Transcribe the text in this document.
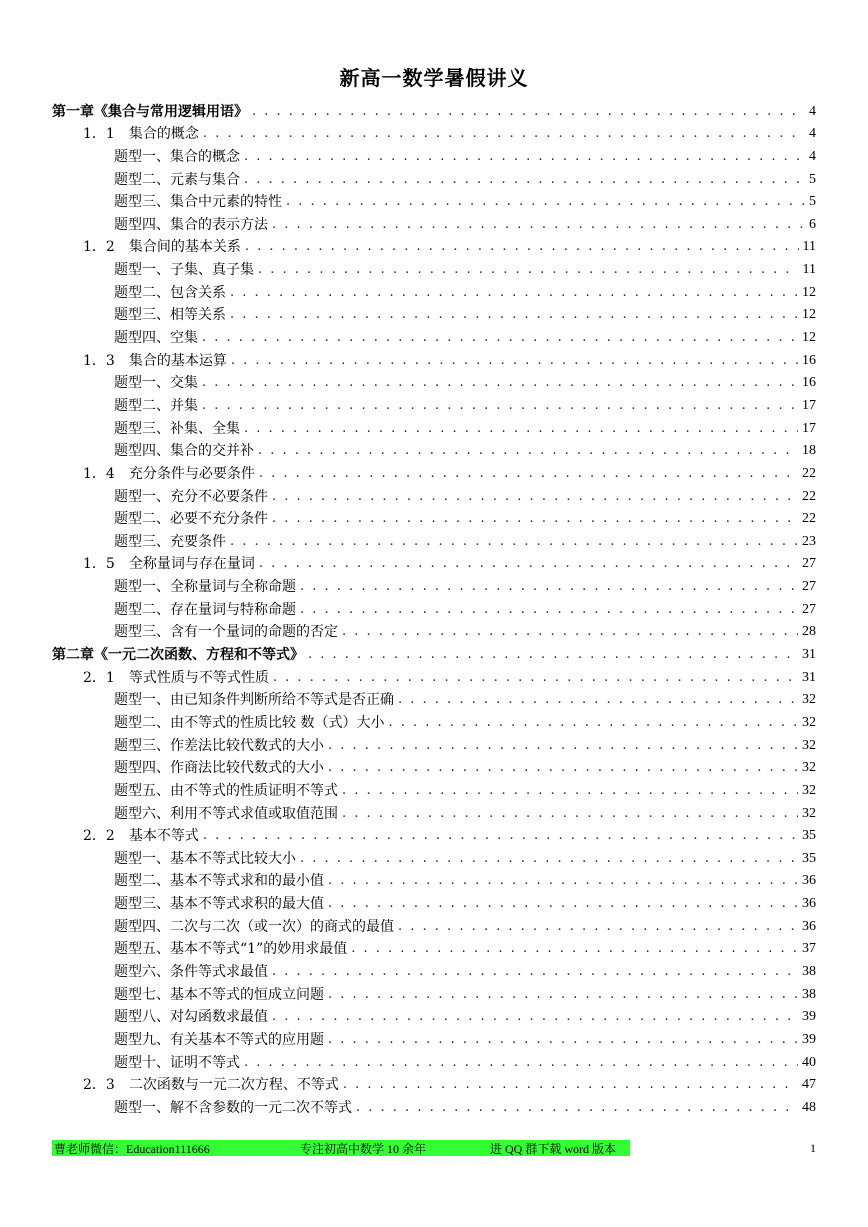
新高一数学暑假讲义
第一章《集合与常用逻辑用语》 . . .	4
1．1　集合的概念 . . .	4
题型一、集合的概念 . . .	4
题型二、元素与集合 . . .	5
题型三、集合中元素的特性 . . .	5
题型四、集合的表示方法 . . .	6
1．2　集合间的基本关系 . . .	11
题型一、子集、真子集 . . .	11
题型二、包含关系 . . .	12
题型三、相等关系 . . .	12
题型四、空集 . . .	12
1．3　集合的基本运算 . . .	16
题型一、交集 . . .	16
题型二、并集 . . .	17
题型三、补集、全集 . . .	17
题型四、集合的交并补 . . .	18
1．4　充分条件与必要条件 . . .	22
题型一、充分不必要条件 . . .	22
题型二、必要不充分条件 . . .	22
题型三、充要条件 . . .	23
1．5　全称量词与存在量词 . . .	27
题型一、全称量词与全称命题 . . .	27
题型二、存在量词与特称命题 . . .	27
题型三、含有一个量词的命题的否定 . . .	28
第二章《一元二次函数、方程和不等式》 . . .	31
2．1　等式性质与不等式性质 . . .	31
题型一、由已知条件判断所给不等式是否正确 . . .	32
题型二、由不等式的性质比较 数（式）大小 . . .	32
题型三、作差法比较代数式的大小 . . .	32
题型四、作商法比较代数式的大小 . . .	32
题型五、由不等式的性质证明不等式 . . .	32
题型六、利用不等式求值或取值范围 . . .	32
2．2　基本不等式 . . .	35
题型一、基本不等式比较大小 . . .	35
题型二、基本不等式求和的最小值 . . .	36
题型三、基本不等式求积的最大值 . . .	36
题型四、二次与二次（或一次）的商式的最值 . . .	36
题型五、基本不等式“1”的妙用求最值 . . .	37
题型六、条件等式求最值 . . .	38
题型七、基本不等式的恒成立问题 . . .	38
题型八、对勾函数求最值 . . .	39
题型九、有关基本不等式的应用题 . . .	39
题型十、证明不等式 . . .	40
2．3　二次函数与一元二次方程、不等式 . . .	47
题型一、解不含参数的一元二次不等式 . . .	48
曹老师微信：Education111666	专注初高中数学 10 余年	进 QQ 群下载 word 版本	1
